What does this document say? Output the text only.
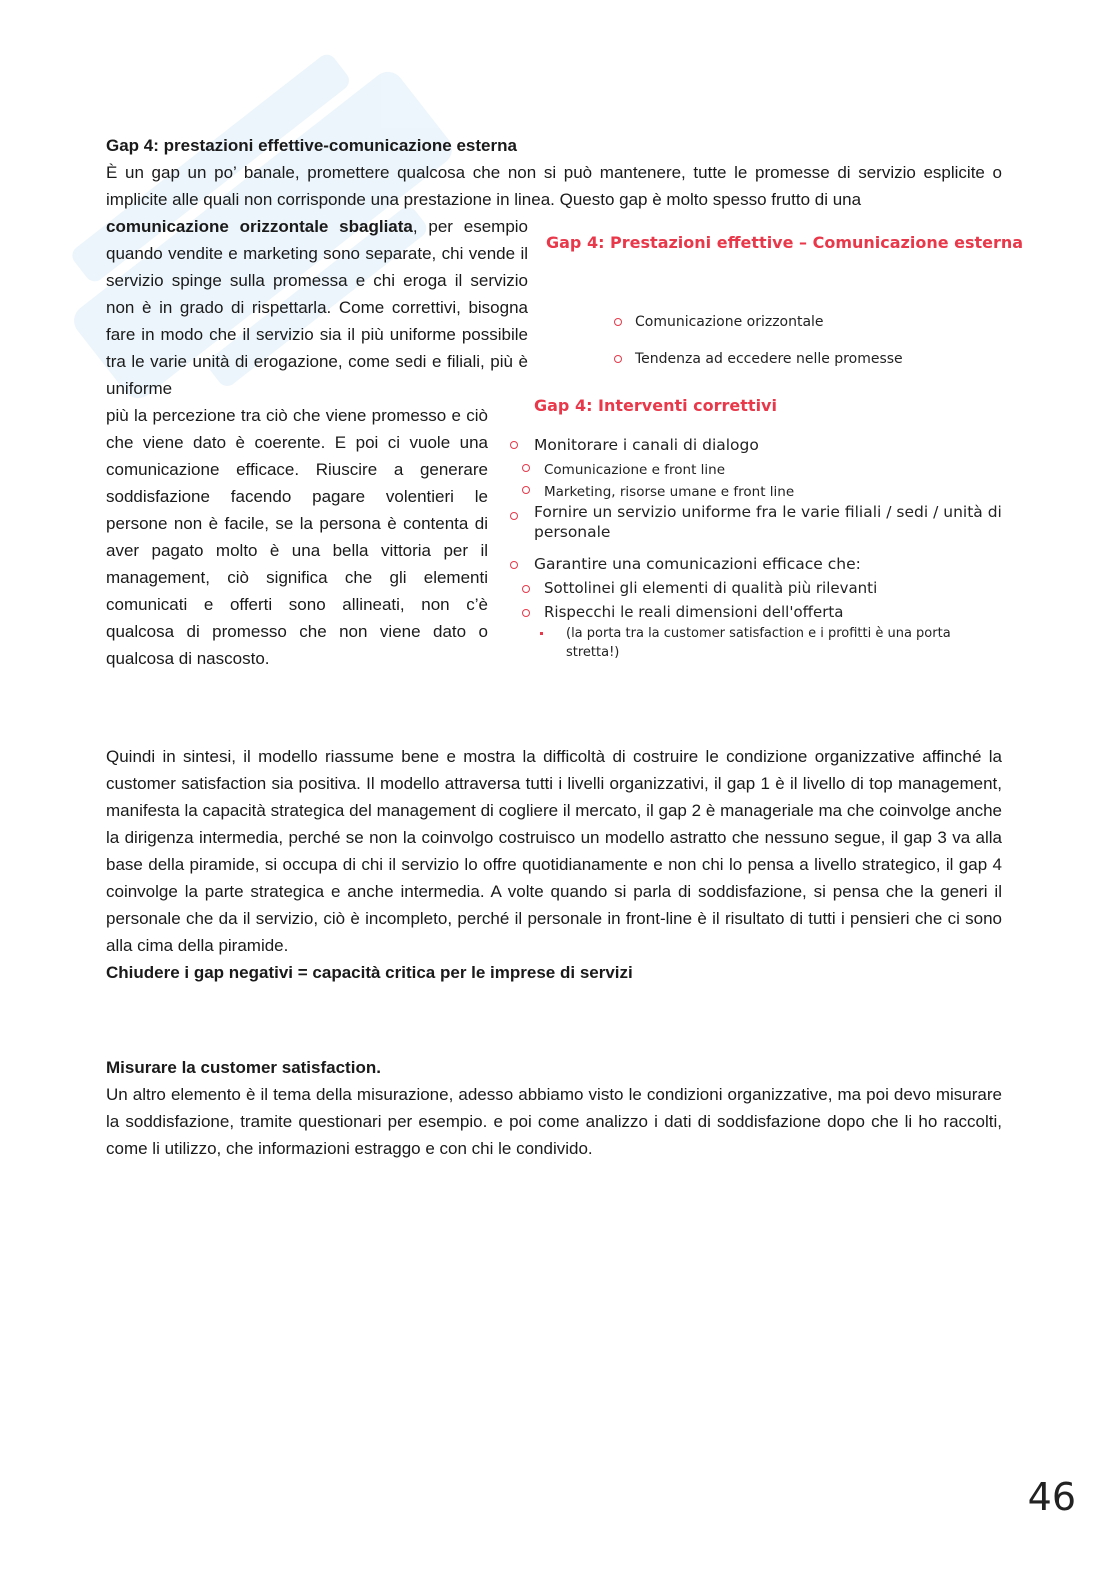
Gap 4: prestazioni effettive-comunicazione esterna

È un gap un po’ banale, promettere qualcosa che non si può mantenere, tutte le promesse di servizio esplicite o implicite alle quali non corrisponde una prestazione in linea. Questo gap è molto spesso frutto di una

comunicazione orizzontale sbagliata, per esempio quando vendite e marketing sono separate, chi vende il servizio spinge sulla promessa e chi eroga il servizio non è in grado di rispettarla. Come correttivi, bisogna fare in modo che il servizio sia il più uniforme possibile tra le varie unità di erogazione, come sedi e filiali, più è uniforme
più la percezione tra ciò che viene promesso e ciò che viene dato è coerente. E poi ci vuole una comunicazione efficace. Riuscire a generare soddisfazione facendo pagare volentieri le persone non è facile, se la persona è contenta di aver pagato molto è una bella vittoria per il management, ciò significa che gli elementi comunicati e offerti sono allineati, non c’è qualcosa di promesso che non viene dato o qualcosa di nascosto.
Gap 4: Prestazioni effettive – Comunicazione esterna
Comunicazione orizzontale
Tendenza ad eccedere nelle promesse
Gap 4: Interventi correttivi
Monitorare i canali di dialogo
Comunicazione e front line
Marketing, risorse umane e front line
Fornire un servizio uniforme fra le varie filiali / sedi / unità di personale
Garantire una comunicazioni efficace che:
Sottolinei gli elementi di qualità più rilevanti
Rispecchi le reali dimensioni dell'offerta
(la porta tra la customer satisfaction e i profitti è una porta stretta!)

Quindi in sintesi, il modello riassume bene e mostra la difficoltà di costruire le condizione organizzative affinché la customer satisfaction sia positiva. Il modello attraversa tutti i livelli organizzativi, il gap 1 è il livello di top management, manifesta la capacità strategica del management di cogliere il mercato, il gap 2 è manageriale ma che coinvolge anche la dirigenza intermedia, perché se non la coinvolgo costruisco un modello astratto che nessuno segue, il gap 3 va alla base della piramide, si occupa di chi il servizio lo offre quotidianamente e non chi lo pensa a livello strategico, il gap 4 coinvolge la parte strategica e anche intermedia. A volte quando si parla di soddisfazione, si pensa che la generi il personale che da il servizio, ciò è incompleto, perché il personale in front-line è il risultato di tutti i pensieri che ci sono alla cima della piramide.

Chiudere i gap negativi = capacità critica per le imprese di servizi

Misurare la customer satisfaction.

Un altro elemento è il tema della misurazione, adesso abbiamo visto le condizioni organizzative, ma poi devo misurare la soddisfazione, tramite questionari per esempio. e poi come analizzo i dati di soddisfazione dopo che li ho raccolti, come li utilizzo, che informazioni estraggo e con chi le condivido.

46
